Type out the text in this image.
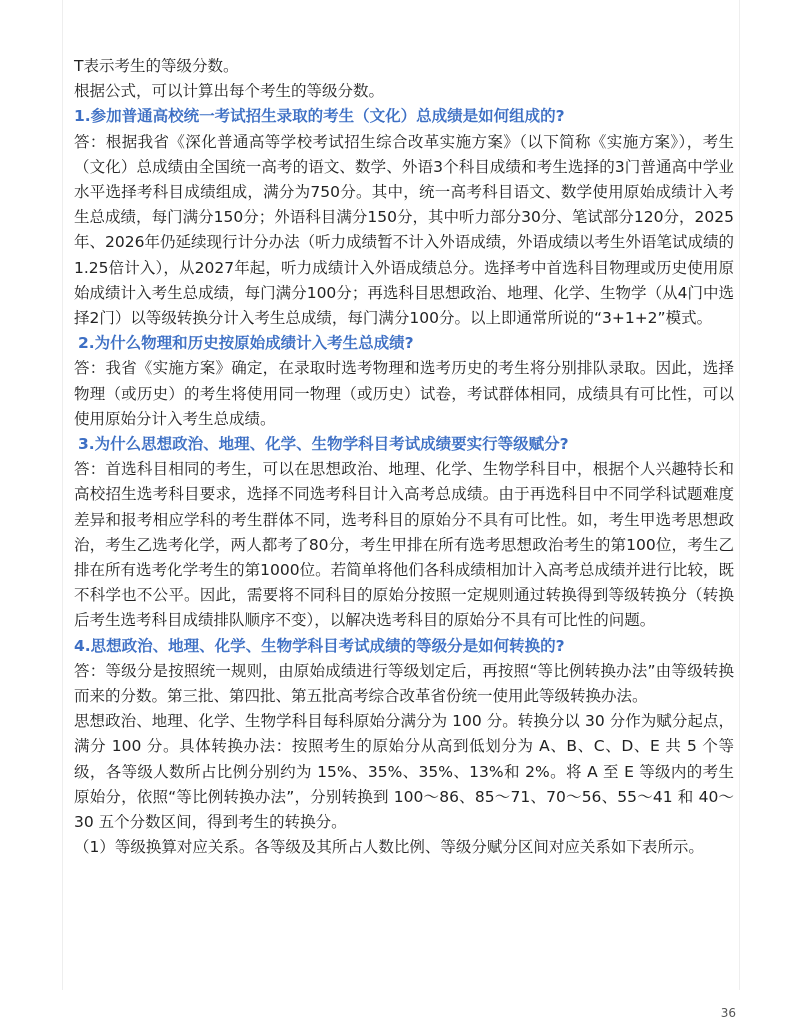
T表示考生的等级分数。

根据公式，可以计算出每个考生的等级分数。

1.参加普通高校统一考试招生录取的考生（文化）总成绩是如何组成的?

答：根据我省《深化普通高等学校考试招生综合改革实施方案》（以下简称《实施方案》），考生（文化）总成绩由全国统一高考的语文、数学、外语3个科目成绩和考生选择的3门普通高中学业水平选择考科目成绩组成，满分为750分。其中，统一高考科目语文、数学使用原始成绩计入考生总成绩，每门满分150分；外语科目满分150分，其中听力部分30分、笔试部分120分，2025年、2026年仍延续现行计分办法（听力成绩暂不计入外语成绩，外语成绩以考生外语笔试成绩的1.25倍计入），从2027年起，听力成绩计入外语成绩总分。选择考中首选科目物理或历史使用原始成绩计入考生总成绩，每门满分100分；再选科目思想政治、地理、化学、生物学（从4门中选择2门）以等级转换分计入考生总成绩，每门满分100分。以上即通常所说的“3+1+2”模式。

2.为什么物理和历史按原始成绩计入考生总成绩?

答：我省《实施方案》确定，在录取时选考物理和选考历史的考生将分别排队录取。因此，选择物理（或历史）的考生将使用同一物理（或历史）试卷，考试群体相同，成绩具有可比性，可以使用原始分计入考生总成绩。

3.为什么思想政治、地理、化学、生物学科目考试成绩要实行等级赋分?

答：首选科目相同的考生，可以在思想政治、地理、化学、生物学科目中，根据个人兴趣特长和高校招生选考科目要求，选择不同选考科目计入高考总成绩。由于再选科目中不同学科试题难度差异和报考相应学科的考生群体不同，选考科目的原始分不具有可比性。如，考生甲选考思想政治，考生乙选考化学，两人都考了80分，考生甲排在所有选考思想政治考生的第100位，考生乙排在所有选考化学考生的第1000位。若简单将他们各科成绩相加计入高考总成绩并进行比较，既不科学也不公平。因此，需要将不同科目的原始分按照一定规则通过转换得到等级转换分（转换后考生选考科目成绩排队顺序不变），以解决选考科目的原始分不具有可比性的问题。

4.思想政治、地理、化学、生物学科目考试成绩的等级分是如何转换的?

答：等级分是按照统一规则，由原始成绩进行等级划定后，再按照“等比例转换办法”由等级转换而来的分数。第三批、第四批、第五批高考综合改革省份统一使用此等级转换办法。

思想政治、地理、化学、生物学科目每科原始分满分为 100 分。转换分以 30 分作为赋分起点，满分 100 分。具体转换办法：按照考生的原始分从高到低划分为 A、B、C、D、E 共 5 个等级，各等级人数所占比例分别约为 15%、35%、35%、13%和 2%。将 A 至 E 等级内的考生原始分，依照“等比例转换办法”，分别转换到 100～86、85～71、70～56、55～41 和 40～30 五个分数区间，得到考生的转换分。

（1）等级换算对应关系。各等级及其所占人数比例、等级分赋分区间对应关系如下表所示。

36
